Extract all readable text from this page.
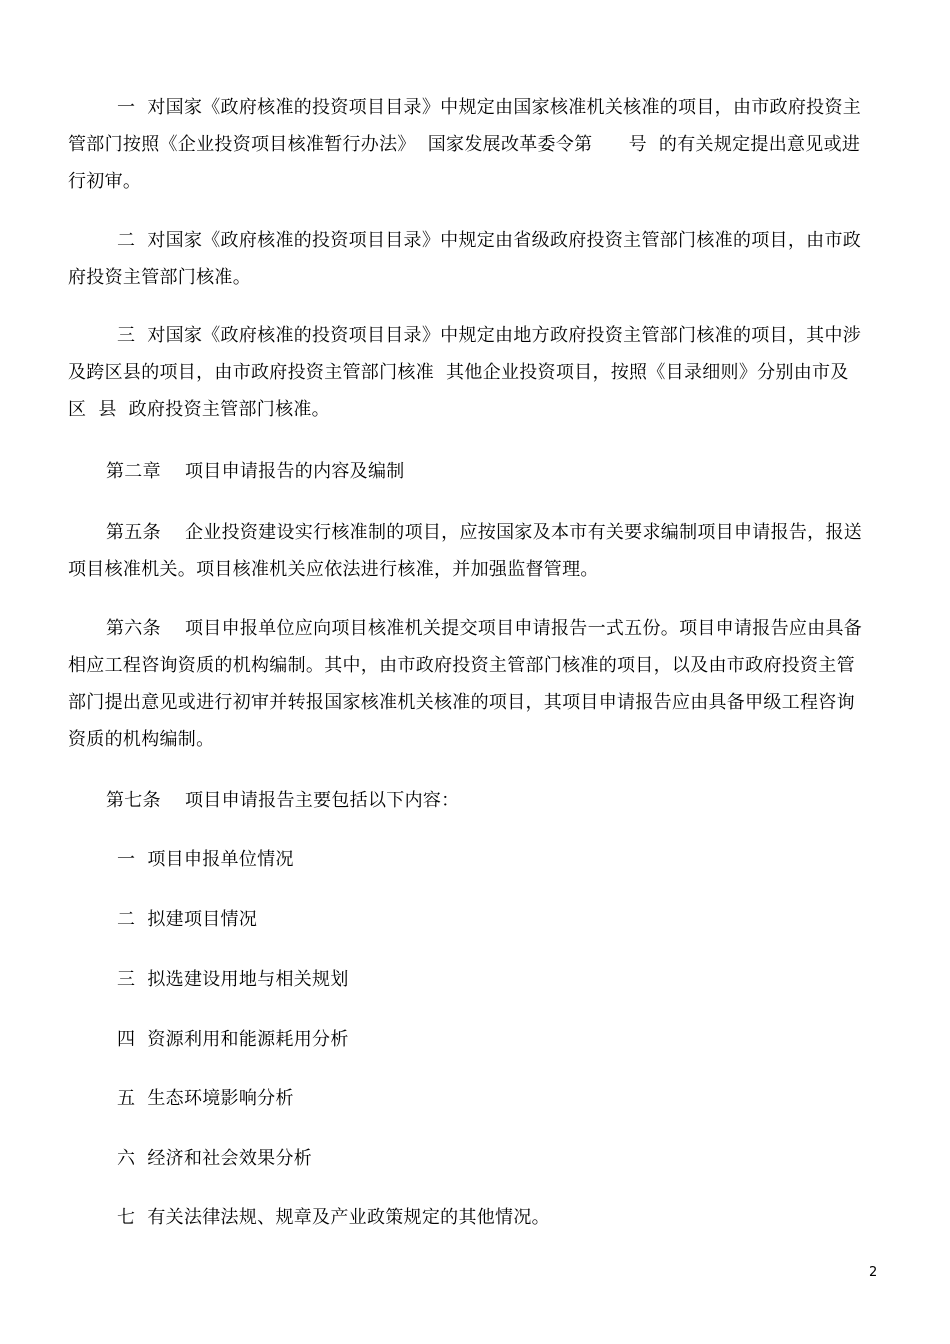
一  对国家《政府核准的投资项目目录》中规定由国家核准机关核准的项目，由市政府投资主
管部门按照《企业投资项目核准暂行办法》  国家发展改革委令第      号  的有关规定提出意见或进
行初审。
二  对国家《政府核准的投资项目目录》中规定由省级政府投资主管部门核准的项目，由市政
府投资主管部门核准。
三  对国家《政府核准的投资项目目录》中规定由地方政府投资主管部门核准的项目，其中涉
及跨区县的项目，由市政府投资主管部门核准  其他企业投资项目，按照《目录细则》分别由市及
区  县  政府投资主管部门核准。
第二章    项目申请报告的内容及编制
第五条    企业投资建设实行核准制的项目，应按国家及本市有关要求编制项目申请报告，报送
项目核准机关。项目核准机关应依法进行核准，并加强监督管理。
第六条    项目申报单位应向项目核准机关提交项目申请报告一式五份。项目申请报告应由具备
相应工程咨询资质的机构编制。其中，由市政府投资主管部门核准的项目，以及由市政府投资主管
部门提出意见或进行初审并转报国家核准机关核准的项目，其项目申请报告应由具备甲级工程咨询
资质的机构编制。
第七条    项目申请报告主要包括以下内容：
一  项目申报单位情况
二  拟建项目情况
三  拟选建设用地与相关规划
四  资源利用和能源耗用分析
五  生态环境影响分析
六  经济和社会效果分析
七  有关法律法规、规章及产业政策规定的其他情况。
2
